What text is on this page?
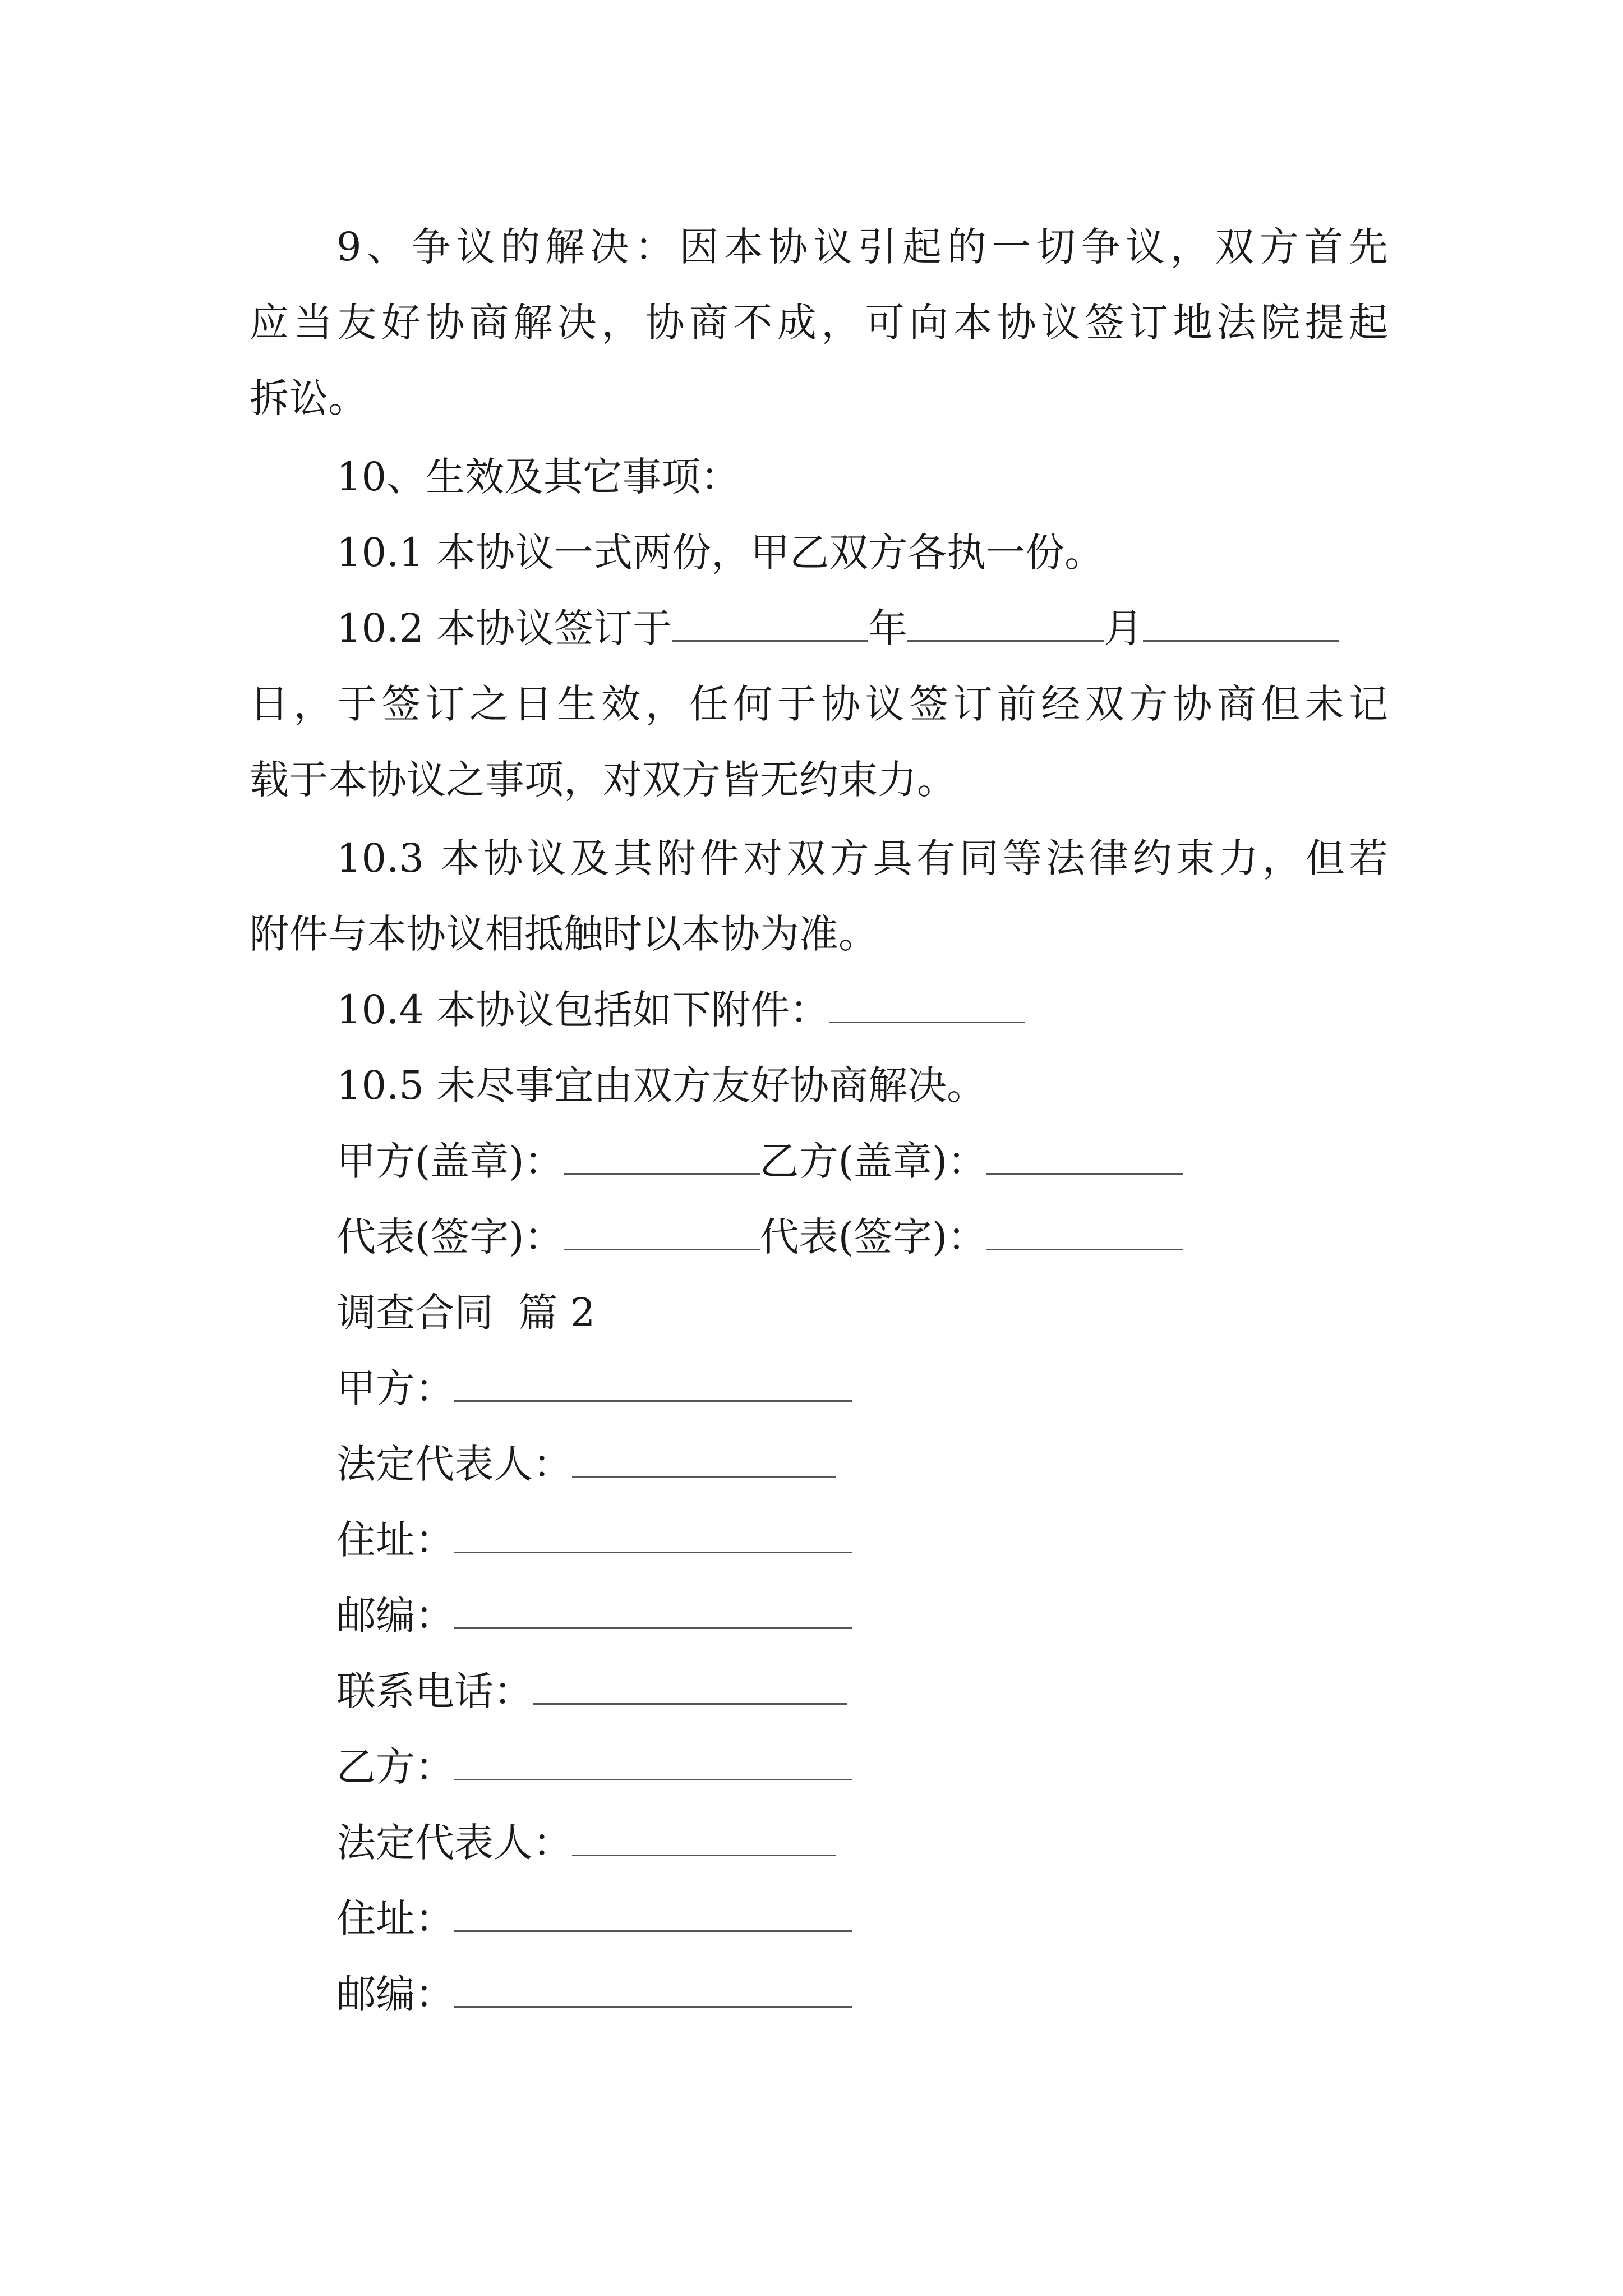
9、争议的解决：因本协议引起的一切争议，双方首先
应当友好协商解决，协商不成，可向本协议签订地法院提起
拆讼。
10、生效及其它事项：
10.1 本协议一式两份，甲乙双方各执一份。
10.2 本协议签订于	年	月
日，于签订之日生效，任何于协议签订前经双方协商但未记
载于本协议之事项，对双方皆无约束力。
10.3 本协议及其附件对双方具有同等法律约束力，但若
附件与本协议相抵触时以本协为准。
10.4 本协议包括如下附件：
10.5 未尽事宜由双方友好协商解决。
甲方(盖章)：	乙方(盖章)：
代表(签字)：	代表(签字)：
调查合同  篇 2
甲方：
法定代表人：
住址：
邮编：
联系电话：
乙方：
法定代表人：
住址：
邮编：
